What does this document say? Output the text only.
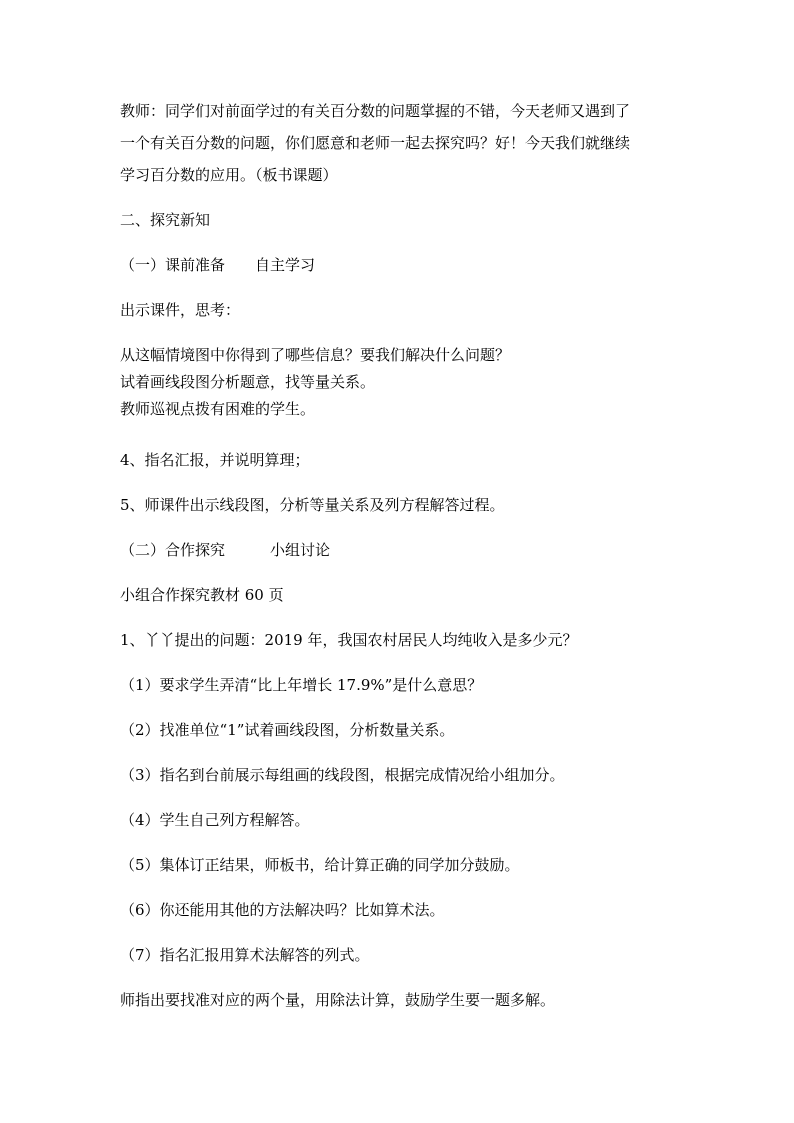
教师：同学们对前面学过的有关百分数的问题掌握的不错，今天老师又遇到了

一个有关百分数的问题，你们愿意和老师一起去探究吗？好！今天我们就继续

学习百分数的应用。（板书课题）

二、探究新知

（一）课前准备　　自主学习

出示课件，思考：

从这幅情境图中你得到了哪些信息？要我们解决什么问题？

试着画线段图分析题意，找等量关系。

教师巡视点拨有困难的学生。

4、指名汇报，并说明算理；

5、师课件出示线段图，分析等量关系及列方程解答过程。

（二）合作探究　　　小组讨论

小组合作探究教材 60 页

1、丫丫提出的问题：2019 年，我国农村居民人均纯收入是多少元？

（1）要求学生弄清“比上年增长 17.9%”是什么意思？

（2）找准单位“1”试着画线段图，分析数量关系。

（3）指名到台前展示每组画的线段图，根据完成情况给小组加分。

（4）学生自己列方程解答。

（5）集体订正结果，师板书，给计算正确的同学加分鼓励。

（6）你还能用其他的方法解决吗？比如算术法。

（7）指名汇报用算术法解答的列式。

师指出要找准对应的两个量，用除法计算，鼓励学生要一题多解。
